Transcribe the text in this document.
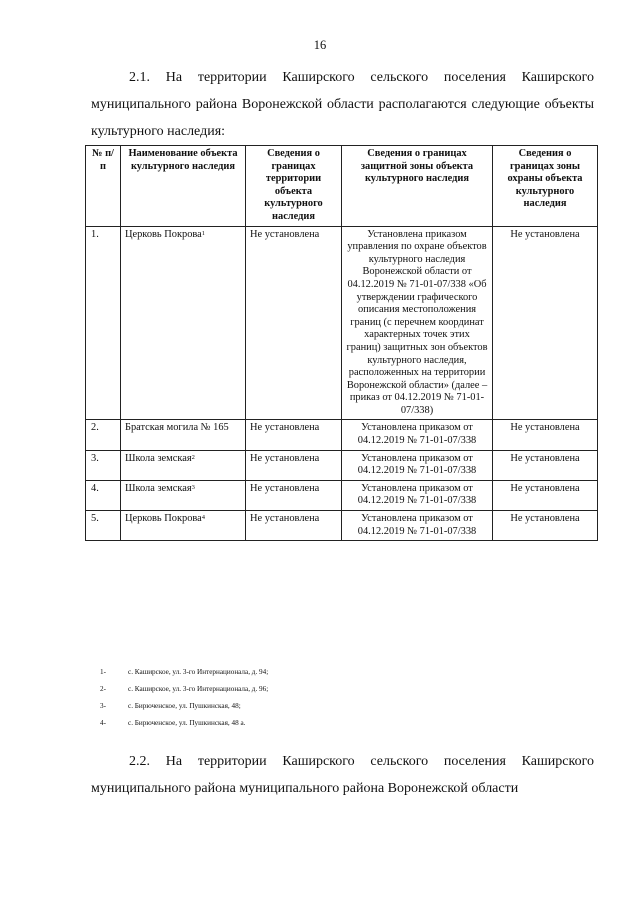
16
2.1. На территории Каширского сельского поселения Каширского муниципального района Воронежской области располагаются следующие объекты культурного наследия:
№ п/п	Наименование объекта культурного наследия	Сведения о границах территории объекта культурного наследия	Сведения о границах защитной зоны объекта культурного наследия	Сведения о границах зоны охраны объекта культурного наследия
1.	Церковь Покрова$^1$	Не установлена	Установлена приказом управления по охране объектов культурного наследия Воронежской области от 04.12.2019 № 71-01-07/338 «Об утверждении графического описания местоположения границ (с перечнем координат характерных точек этих границ) защитных зон объектов культурного наследия, расположенных на территории Воронежской области» (далее – приказ от 04.12.2019 № 71-01-07/338)	Не установлена
2.	Братская могила № 165	Не установлена	Установлена приказом от 04.12.2019 № 71-01-07/338	Не установлена
3.	Школа земская$^2$	Не установлена	Установлена приказом от 04.12.2019 № 71-01-07/338	Не установлена
4.	Школа земская$^3$	Не установлена	Установлена приказом от 04.12.2019 № 71-01-07/338	Не установлена
5.	Церковь Покрова$^4$	Не установлена	Установлена приказом от 04.12.2019 № 71-01-07/338	Не установлена
1-	с. Каширское, ул. 3-го Интернационала, д. 94;
2-	с. Каширское, ул. 3-го Интернационала, д. 96;
3-	с. Бирюченское, ул. Пушкинская, 48;
4-	с. Бирюченское, ул. Пушкинская, 48 а.
2.2. На территории Каширского сельского поселения Каширского муниципального района муниципального района Воронежской области
